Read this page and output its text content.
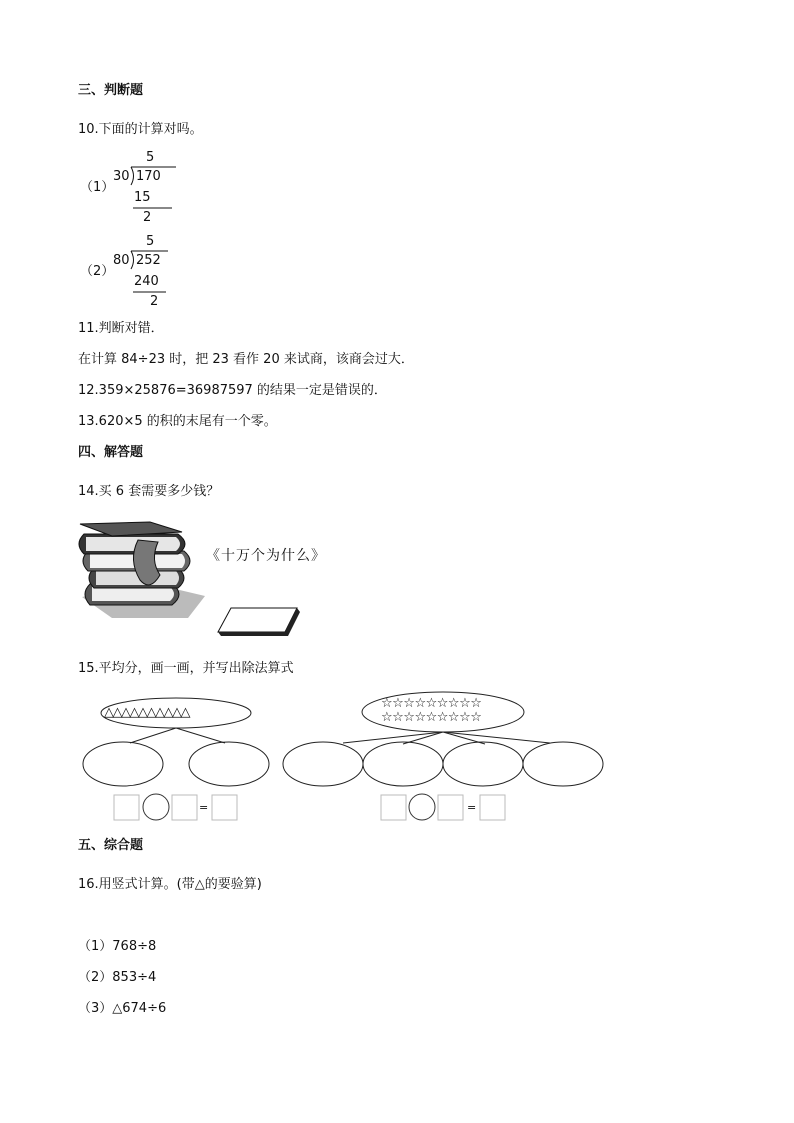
三、判断题
10.下面的计算对吗。
（1）
5
30 170
15
2
（2）
5
80 252
240
2
11.判断对错．
在计算 84÷23 时，把 23 看作 20 来试商，该商会过大．
12.359×25876=36987597 的结果一定是错误的．
13.620×5 的积的末尾有一个零。
四、解答题
14.买 6 套需要多少钱？
《十万个为什么》
15.平均分，画一画，并写出除法算式
△△△△△△△△△△
☆☆☆☆☆☆☆☆☆
☆☆☆☆☆☆☆☆☆
=	=
五、综合题
16.用竖式计算。(带△的要验算)
（1）768÷8
（2）853÷4
（3）△674÷6
